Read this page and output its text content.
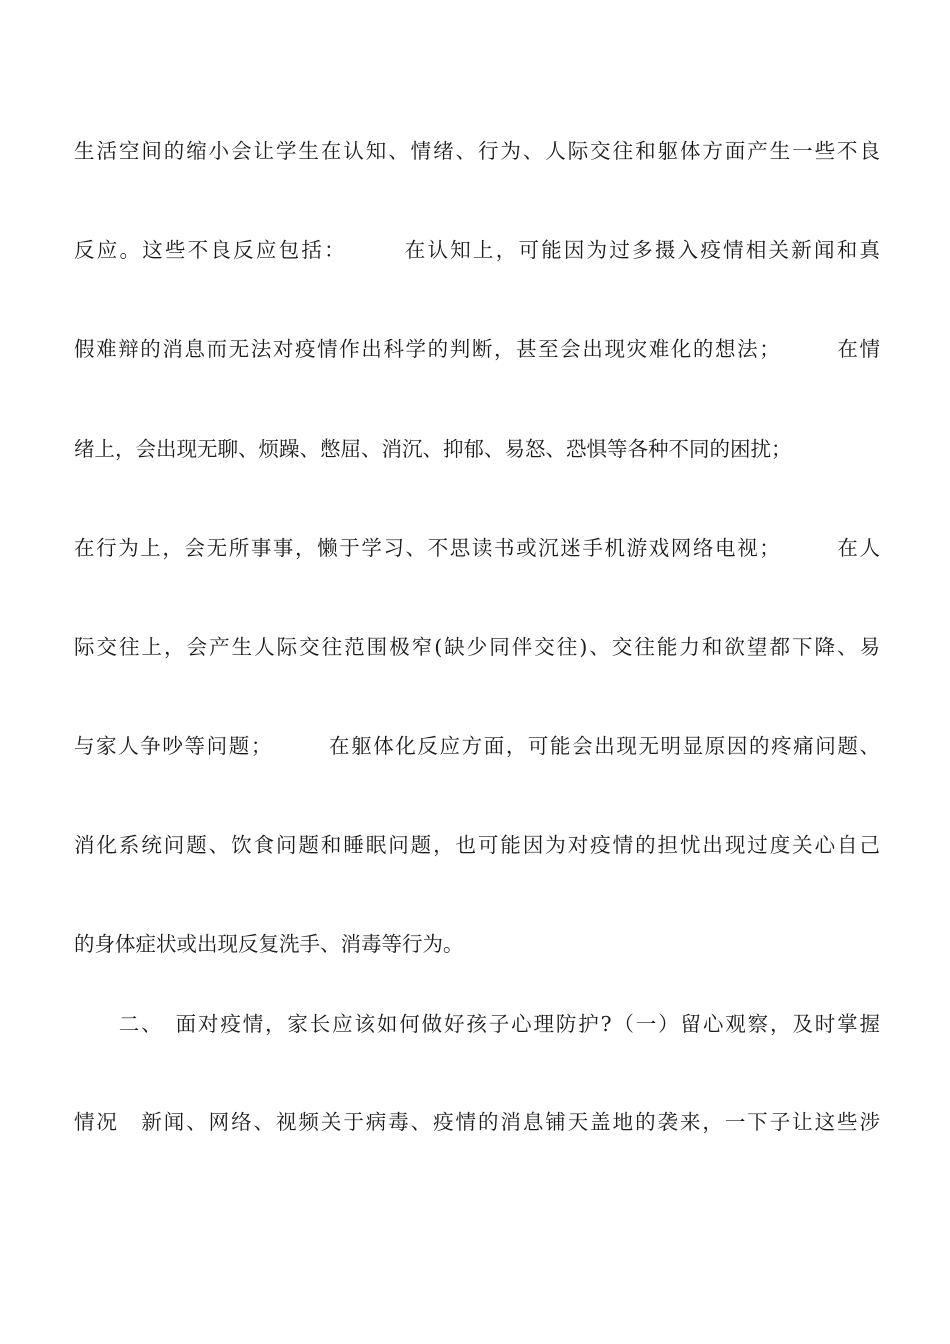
生活空间的缩小会让学生在认知、情绪、行为、人际交往和躯体方面产生一些不良
反应。这些不良反应包括：　　　在认知上，可能因为过多摄入疫情相关新闻和真
假难辩的消息而无法对疫情作出科学的判断，甚至会出现灾难化的想法；　　　在情
绪上，会出现无聊、烦躁、憋屈、消沉、抑郁、易怒、恐惧等各种不同的困扰；
在行为上，会无所事事，懒于学习、不思读书或沉迷手机游戏网络电视；　　　在人
际交往上，会产生人际交往范围极窄(缺少同伴交往)、交往能力和欲望都下降、易
与家人争吵等问题；　　　在躯体化反应方面，可能会出现无明显原因的疼痛问题、
消化系统问题、饮食问题和睡眠问题，也可能因为对疫情的担忧出现过度关心自己
的身体症状或出现反复洗手、消毒等行为。
　　二、　面对疫情，家长应该如何做好孩子心理防护?（一）留心观察，及时掌握
情况　新闻、网络、视频关于病毒、疫情的消息铺天盖地的袭来，一下子让这些涉
